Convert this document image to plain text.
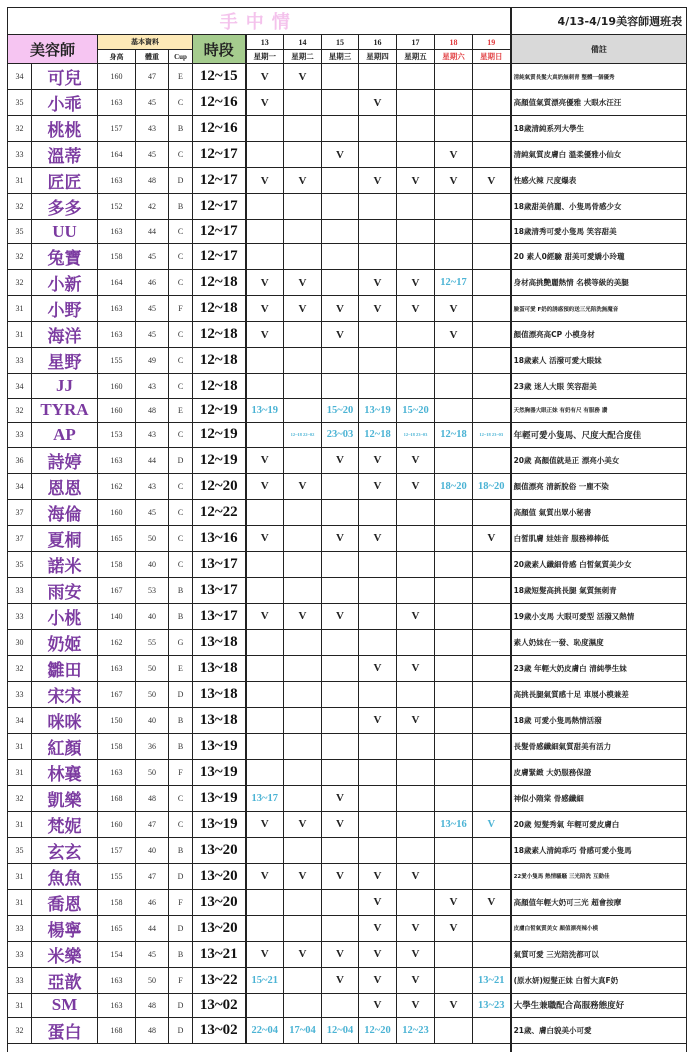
手中情													4/13-4/19美容師週班表
美容師		基本資料			時段	13	14	15	16	17	18	19	備註
		身高	體重	Cup		星期一	星期二	星期三	星期四	星期五	星期六	星期日	
34	可兒	160	47	E	12~15	V	V						清純氣質長髮大真奶無刺青 整體一個優秀
35	小乖	163	45	C	12~16	V			V				高顏值氣質漂亮優雅 大眼水汪汪
32	桃桃	157	43	B	12~16								18歲清純系列大學生
33	溫蒂	164	45	C	12~17			V			V		清純氣質皮膚白 溫柔優雅小仙女
31	匠匠	163	48	D	12~17	V	V		V	V	V	V	性感火辣 尺度爆表
32	多多	152	42	B	12~17								18歲甜美俏麗、小隻馬骨感少女
35	UU	163	44	C	12~17								18歲清秀可愛小隻馬 笑容甜美
32	兔寶	158	45	C	12~17								20 素人0經驗 甜美可愛嬌小玲瓏
32	小新	164	46	C	12~18	V	V		V	V	12~17		身材高挑艷麗熱情 名模等級的美腿
31	小野	163	45	F	12~18	V	V	V	V	V	V		臉蛋可愛 F奶的誘惑預約送三光陪洗無魔音
31	海洋	163	45	C	12~18	V		V			V		顏值漂亮高CP 小模身材
33	星野	155	49	C	12~18								18歲素人 活潑可愛大眼妹
34	JJ	160	43	C	12~18								23歲 迷人大眼 笑容甜美
32	TYRA	160	48	E	12~19	13~19		15~20	13~19	15~20			天然胸器大眼正妹 有奶有尺 有服務 讚
33	AP	153	43	C	12~19		12~18 22~02	23~03	12~18	12~18 23~03	12~18	12~18 23~03	年輕可愛小隻馬、尺度大配合度佳
36	詩婷	163	44	D	12~19	V		V	V	V			20歲 高顏值就是正 漂亮小美女
34	恩恩	162	43	C	12~20	V	V		V	V	18~20	18~20	顏值漂亮 清新脫俗 一塵不染
37	海倫	160	45	C	12~22								高顏值 氣質出眾小秘書
37	夏桐	165	50	C	13~16	V		V	V			V	白皙肌膚 娃娃音 服務棒棒低
35	諾米	158	40	C	13~17								20歲素人纖細骨感 白皙氣質美少女
33	雨安	167	53	B	13~17								18歲短髮高挑長腿 氣質無刺青
33	小桃	140	40	B	13~17	V	V	V		V			19歲小支馬 大眼可愛型 活潑又熱情
30	奶姬	162	55	G	13~18								素人奶妹在一發、恥度濕度
32	雛田	163	50	E	13~18				V	V			23歲 年輕大奶皮膚白 清純學生妹
33	宋宋	167	50	D	13~18								高挑長腿氣質感十足 車展小模兼差
34	咪咪	150	40	B	13~18				V	V			18歲 可愛小隻馬熱情活潑
31	紅顏	158	36	B	13~19								長髮骨感纖細氣質甜美有活力
31	林襄	163	50	F	13~19								皮膚緊緻 大奶服務保證
32	凱樂	168	48	C	13~19	13~17		V					神似小隋棠 骨感纖細
31	梵妮	160	47	C	13~19	V	V	V			13~16	V	20歲 短髮秀氣 年輕可愛皮膚白
35	玄玄	157	40	B	13~20								18歲素人清純乖巧 骨感可愛小隻馬
31	魚魚	155	47	D	13~20	V	V	V	V	V			22愛小隻馬 熱情騷騷 三光陪洗 互動佳
31	喬恩	158	46	F	13~20				V		V	V	高顏值年輕大奶可三光 超會按摩
33	楊寧	165	44	D	13~20				V	V	V		皮膚白皙氣質美女 顏值漂亮辣小模
33	米樂	154	45	B	13~21	V	V	V	V	V			氣質可愛 三光陪洗都可以
33	亞歆	163	50	F	13~22	15~21		V	V	V		13~21	(原水妍)短髮正妹 白皙大真F奶
31	SM	163	48	D	13~02				V	V	V	13~23	大學生兼職配合高服務態度好
32	蛋白	168	48	D	13~02	22~04	17~04	12~04	12~20	12~23			21歲、膚白貌美小可愛
